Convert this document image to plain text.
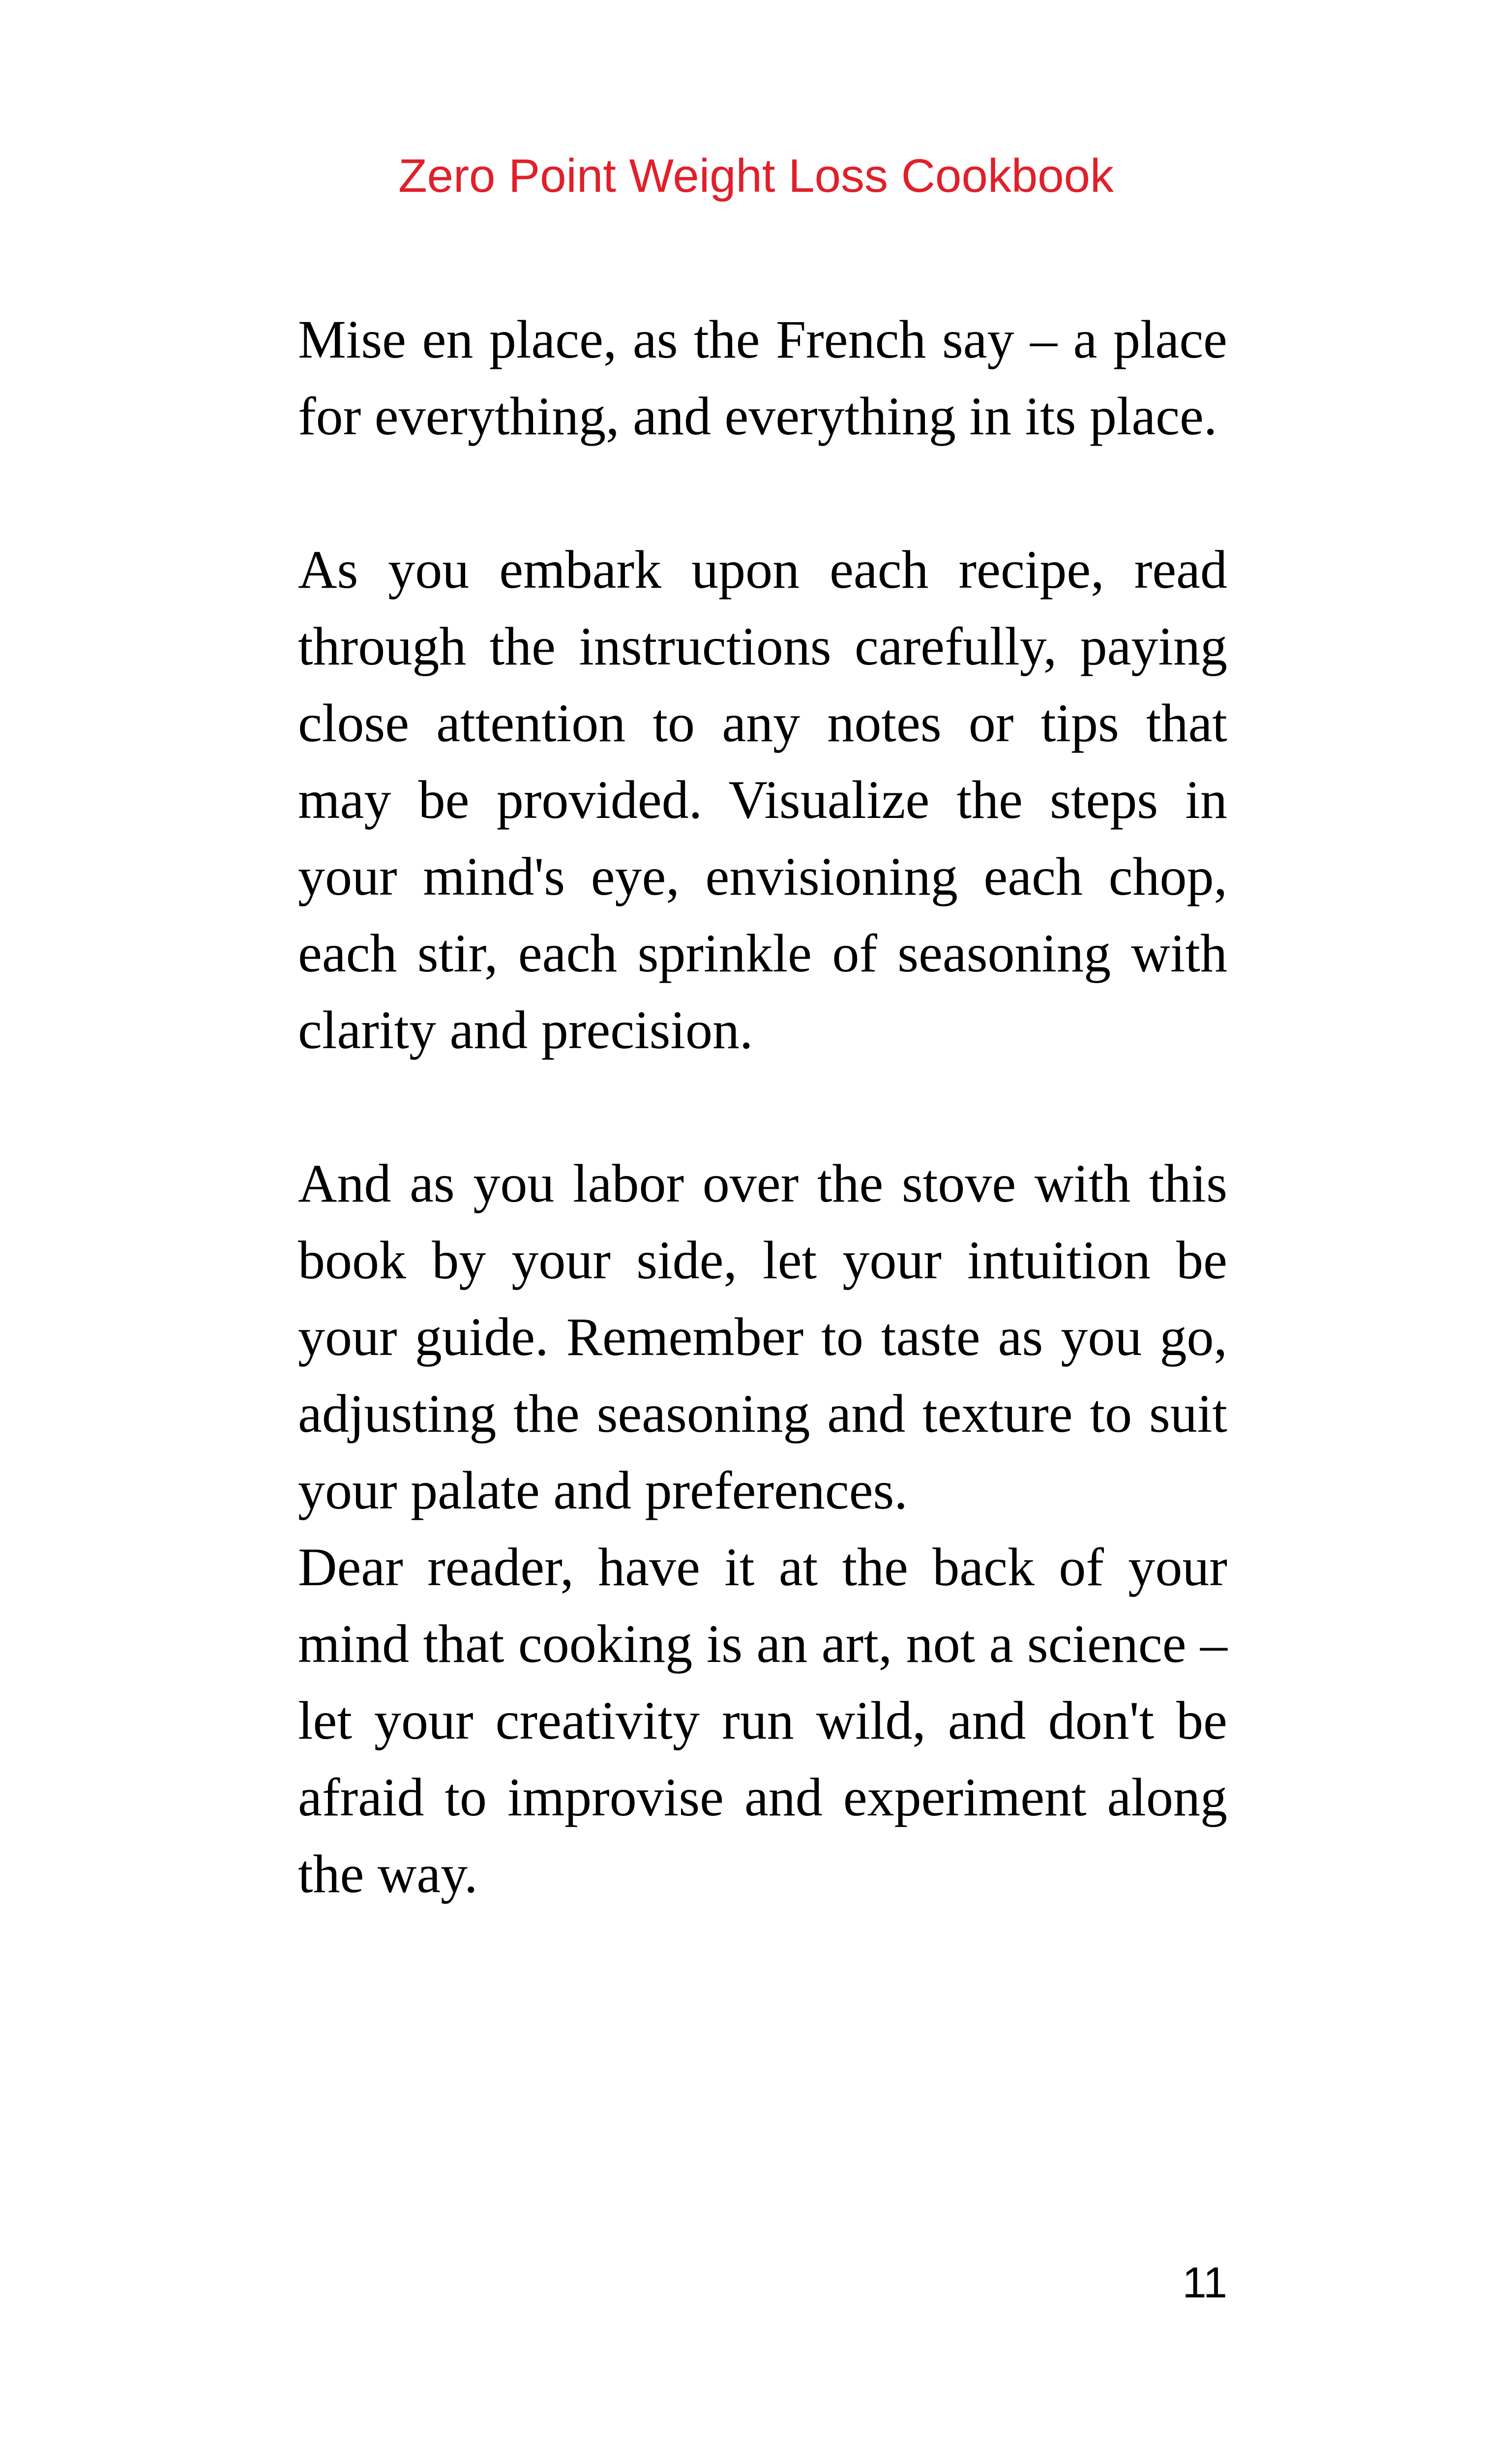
Zero Point Weight Loss Cookbook

Mise en place, as the French say – a place for everything, and everything in its place.

As you embark upon each recipe, read through the instructions carefully, paying close attention to any notes or tips that may be provided. Visualize the steps in your mind's eye, envisioning each chop, each stir, each sprinkle of seasoning with clarity and precision.

And as you labor over the stove with this book by your side, let your intuition be your guide. Remember to taste as you go, adjusting the seasoning and texture to suit your palate and preferences.

Dear reader, have it at the back of your mind that cooking is an art, not a science – let your creativity run wild, and don't be afraid to improvise and experiment along the way.

11
